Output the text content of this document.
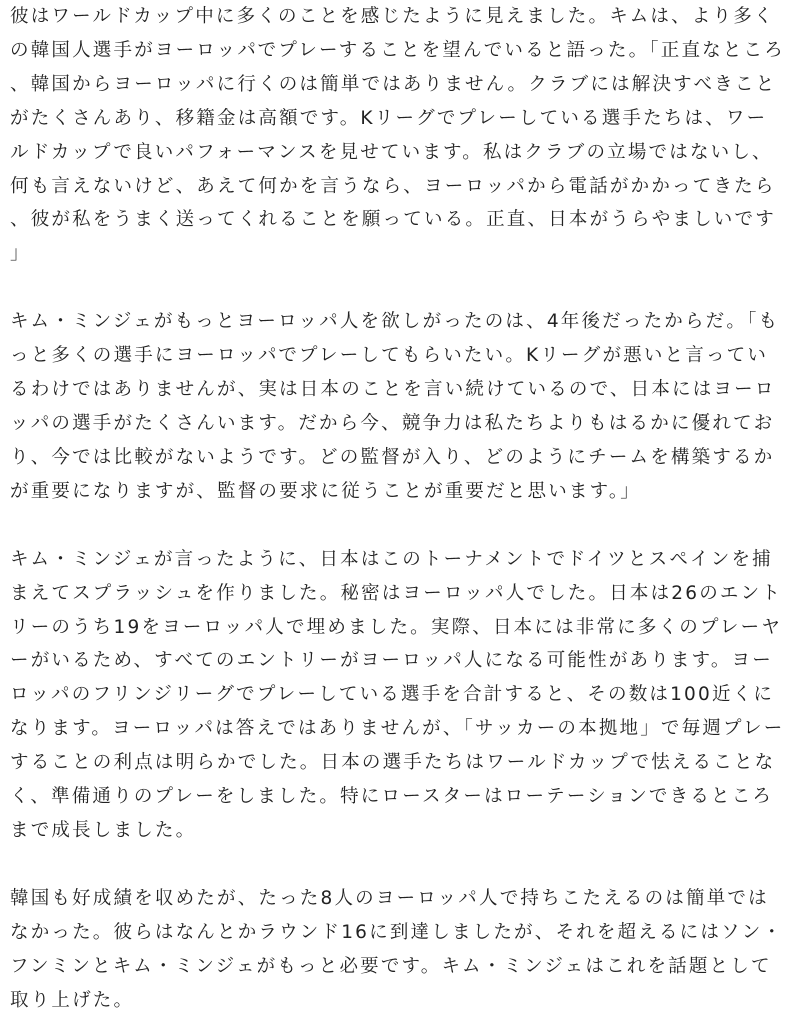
彼はワールドカップ中に多くのことを感じたように見えました。キムは、より多くの韓国人選手がヨーロッパでプレーすることを望んでいると語った。「正直なところ、韓国からヨーロッパに行くのは簡単ではありません。クラブには解決すべきことがたくさんあり、移籍金は高額です。Kリーグでプレーしている選手たちは、ワールドカップで良いパフォーマンスを見せています。私はクラブの立場ではないし、何も言えないけど、あえて何かを言うなら、ヨーロッパから電話がかかってきたら、彼が私をうまく送ってくれることを願っている。正直、日本がうらやましいです」

キム・ミンジェがもっとヨーロッパ人を欲しがったのは、4年後だったからだ。「もっと多くの選手にヨーロッパでプレーしてもらいたい。Kリーグが悪いと言っているわけではありませんが、実は日本のことを言い続けているので、日本にはヨーロッパの選手がたくさんいます。だから今、競争力は私たちよりもはるかに優れており、今では比較がないようです。どの監督が入り、どのようにチームを構築するかが重要になりますが、監督の要求に従うことが重要だと思います。」

キム・ミンジェが言ったように、日本はこのトーナメントでドイツとスペインを捕まえてスプラッシュを作りました。秘密はヨーロッパ人でした。日本は26のエントリーのうち19をヨーロッパ人で埋めました。実際、日本には非常に多くのプレーヤーがいるため、すべてのエントリーがヨーロッパ人になる可能性があります。ヨーロッパのフリンジリーグでプレーしている選手を合計すると、その数は100近くになります。ヨーロッパは答えではありませんが、「サッカーの本拠地」で毎週プレーすることの利点は明らかでした。日本の選手たちはワールドカップで怯えることなく、準備通りのプレーをしました。特にロースターはローテーションできるところまで成長しました。

韓国も好成績を収めたが、たった8人のヨーロッパ人で持ちこたえるのは簡単ではなかった。彼らはなんとかラウンド16に到達しましたが、それを超えるにはソン・フンミンとキム・ミンジェがもっと必要です。キム・ミンジェはこれを話題として取り上げた。
